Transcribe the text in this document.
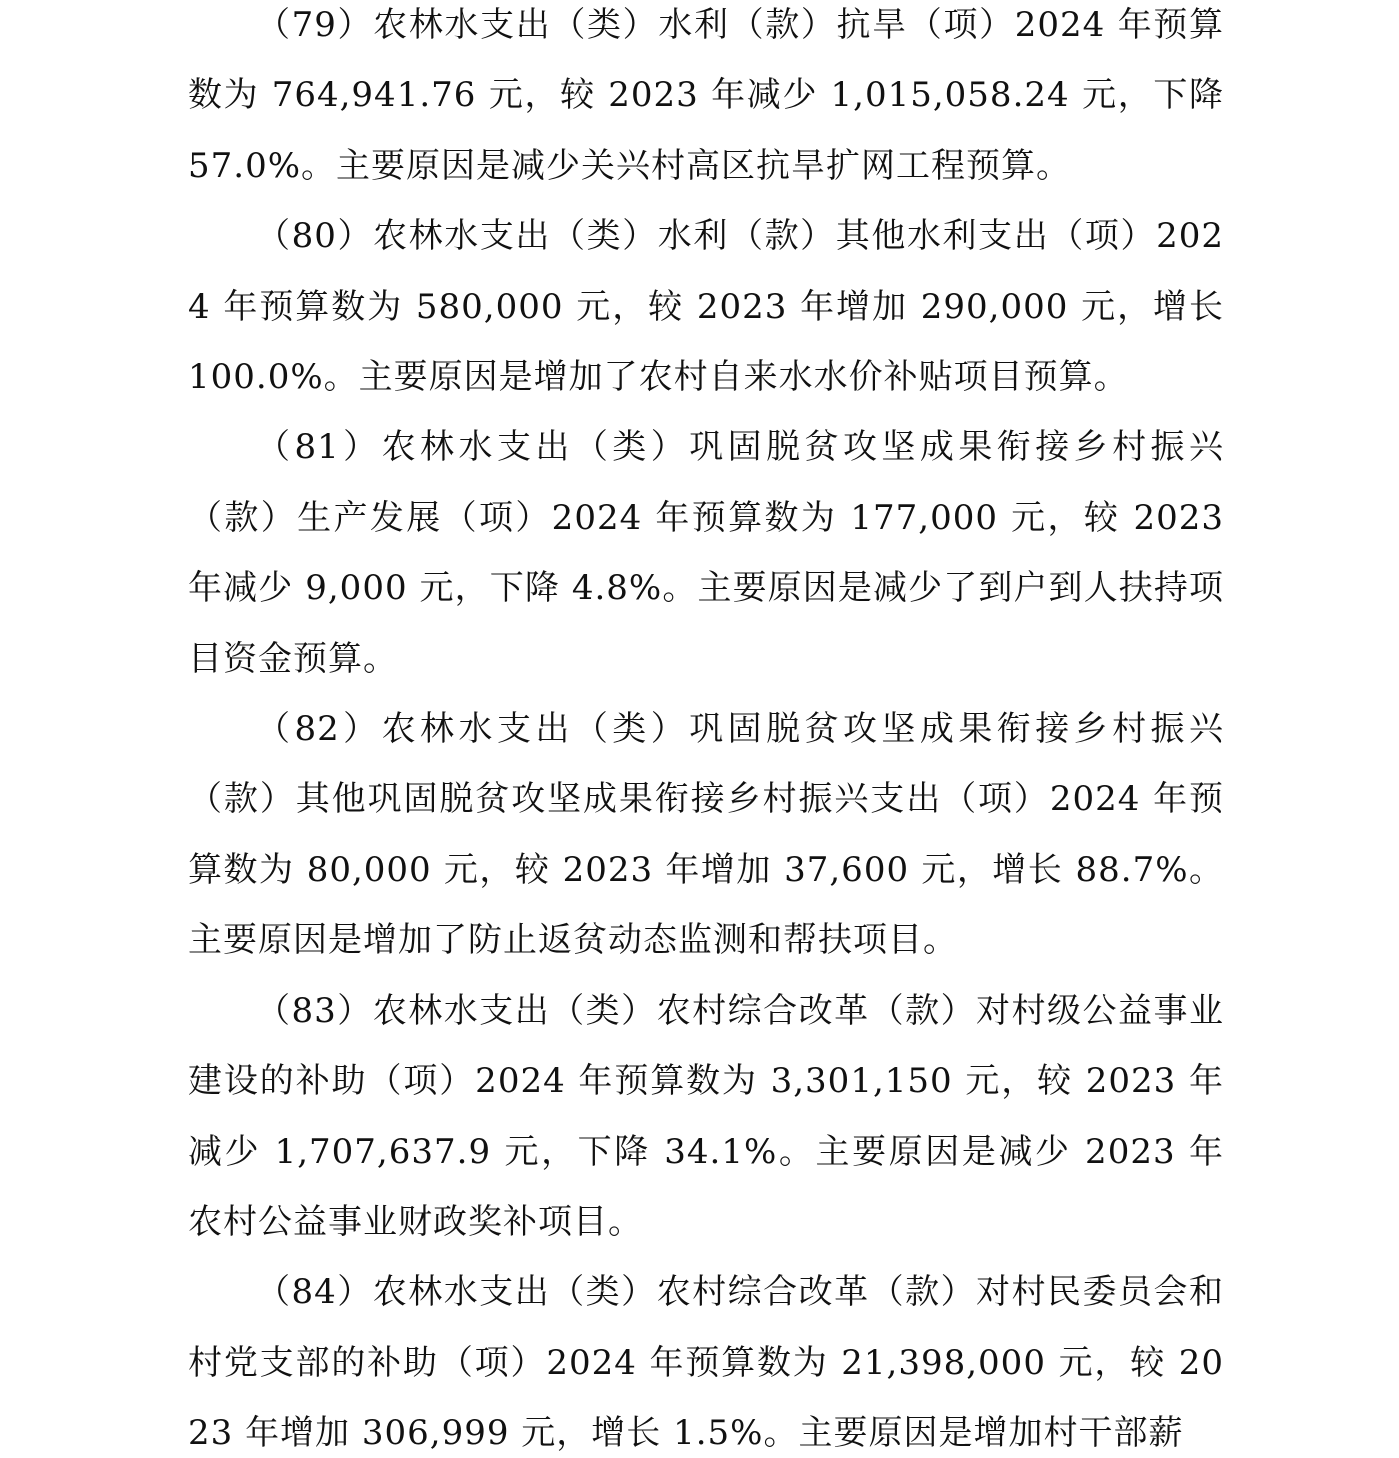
（79）农林水支出（类）水利（款）抗旱（项）2024 年预算数为 764,941.76 元，较 2023 年减少 1,015,058.24 元，下降 57.0%。主要原因是减少关兴村高区抗旱扩网工程预算。

（80）农林水支出（类）水利（款）其他水利支出（项）2024 年预算数为 580,000 元，较 2023 年增加 290,000 元，增长 100.0%。主要原因是增加了农村自来水水价补贴项目预算。

（81）农林水支出（类）巩固脱贫攻坚成果衔接乡村振兴（款）生产发展（项）2024 年预算数为 177,000 元，较 2023 年减少 9,000 元，下降 4.8%。主要原因是减少了到户到人扶持项目资金预算。

（82）农林水支出（类）巩固脱贫攻坚成果衔接乡村振兴（款）其他巩固脱贫攻坚成果衔接乡村振兴支出（项）2024 年预算数为 80,000 元，较 2023 年增加 37,600 元，增长 88.7%。主要原因是增加了防止返贫动态监测和帮扶项目。

（83）农林水支出（类）农村综合改革（款）对村级公益事业建设的补助（项）2024 年预算数为 3,301,150 元，较 2023 年减少 1,707,637.9 元，下降 34.1%。主要原因是减少 2023 年农村公益事业财政奖补项目。

（84）农林水支出（类）农村综合改革（款）对村民委员会和村党支部的补助（项）2024 年预算数为 21,398,000 元，较 2023 年增加 306,999 元，增长 1.5%。主要原因是增加村干部薪
